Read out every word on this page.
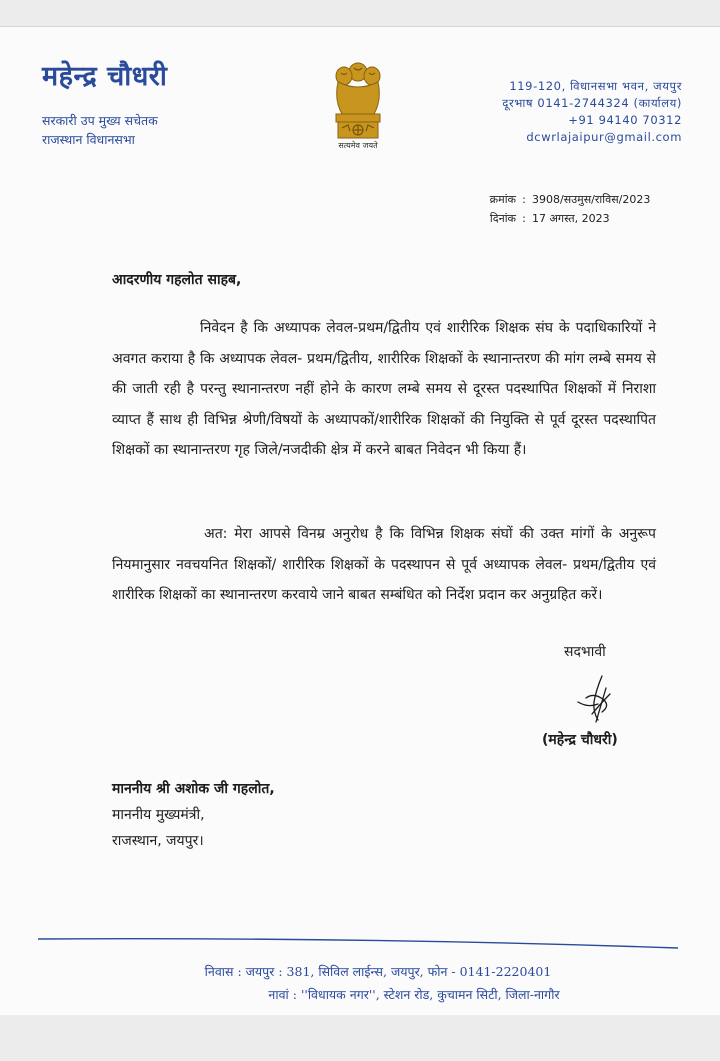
महेन्द्र चौधरी
सरकारी उप मुख्य सचेतक
राजस्थान विधानसभा	सत्यमेव जयते
119-120, विधानसभा भवन, जयपुर
दूरभाष 0141-2744324 (कार्यालय)
+91 94140 70312
dcwrlajaipur@gmail.com
क्रमांक : 3908/सउमुस/राविस/2023
दिनांक : 17 अगस्त, 2023
आदरणीय गहलोत साहब,
निवेदन है कि अध्यापक लेवल-प्रथम/द्वितीय एवं शारीरिक शिक्षक संघ के पदाधिकारियों ने अवगत कराया है कि अध्यापक लेवल- प्रथम/द्वितीय, शारीरिक शिक्षकों के स्थानान्तरण की मांग लम्बे समय से की जाती रही है परन्तु स्थानान्तरण नहीं होने के कारण लम्बे समय से दूरस्त पदस्थापित शिक्षकों में निराशा व्याप्त हैं साथ ही विभिन्न श्रेणी/विषयों के अध्यापकों/शारीरिक शिक्षकों की नियुक्ति से पूर्व दूरस्त पदस्थापित शिक्षकों का स्थानान्तरण गृह जिले/नजदीकी क्षेत्र में करने बाबत निवेदन भी किया हैं।
अत: मेरा आपसे विनम्र अनुरोध है कि विभिन्न शिक्षक संघों की उक्त मांगों के अनुरूप नियमानुसार नवचयनित शिक्षकों/ शारीरिक शिक्षकों के पदस्थापन से पूर्व अध्यापक लेवल- प्रथम/द्वितीय एवं शारीरिक शिक्षकों का स्थानान्तरण करवाये जाने बाबत सम्बंधित को निर्देश प्रदान कर अनुग्रहित करें।
सदभावी
(महेन्द्र चौधरी)
माननीय श्री अशोक जी गहलोत,
माननीय मुख्यमंत्री,
राजस्थान, जयपुर।
निवास : जयपुर : 381, सिविल लाईन्स, जयपुर, फोन - 0141-2220401
नावां : ''विधायक नगर'', स्टेशन रोड, कुचामन सिटी, जिला-नागौर
